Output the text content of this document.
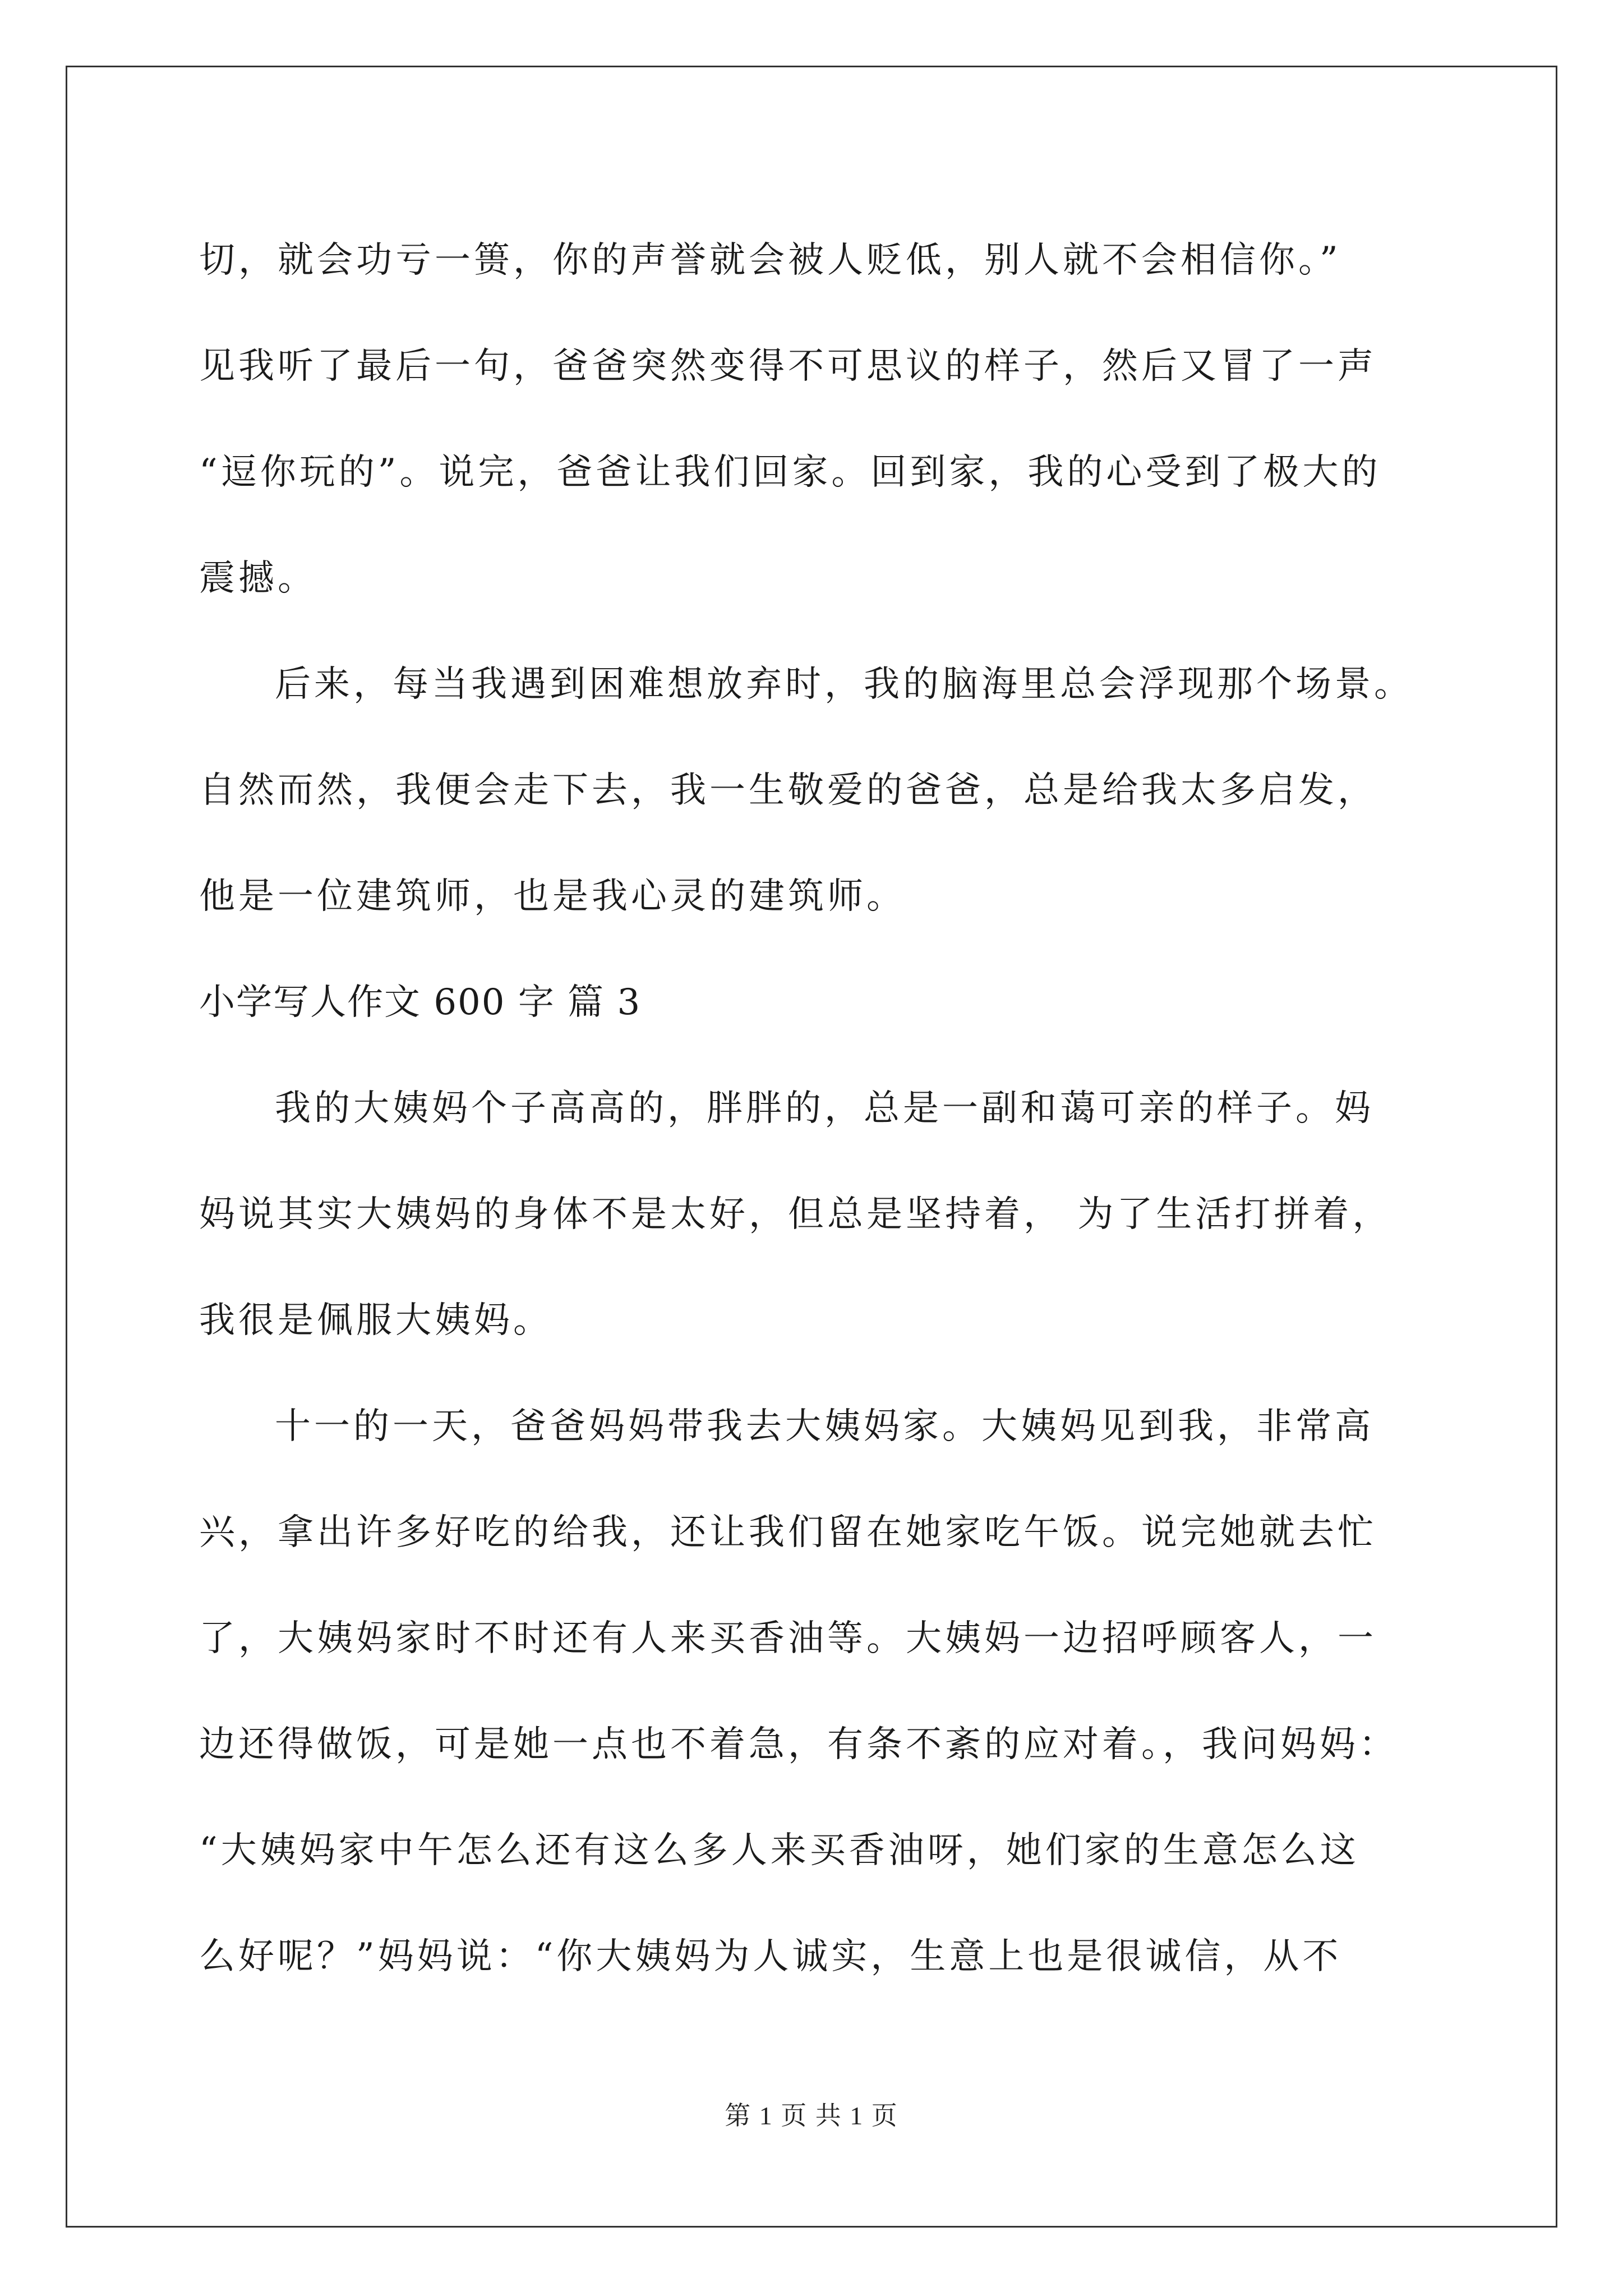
切，就会功亏一篑，你的声誉就会被人贬低，别人就不会相信你。”
见我听了最后一句，爸爸突然变得不可思议的样子，然后又冒了一声
“逗你玩的”。说完，爸爸让我们回家。回到家，我的心受到了极大的
震撼。
后来，每当我遇到困难想放弃时，我的脑海里总会浮现那个场景。
自然而然，我便会走下去，我一生敬爱的爸爸，总是给我太多启发，
他是一位建筑师，也是我心灵的建筑师。
小学写人作文 600 字 篇 3
我的大姨妈个子高高的，胖胖的，总是一副和蔼可亲的样子。妈
妈说其实大姨妈的身体不是太好，但总是坚持着， 为了生活打拼着，
我很是佩服大姨妈。
十一的一天，爸爸妈妈带我去大姨妈家。大姨妈见到我，非常高
兴，拿出许多好吃的给我，还让我们留在她家吃午饭。说完她就去忙
了，大姨妈家时不时还有人来买香油等。大姨妈一边招呼顾客人，一
边还得做饭，可是她一点也不着急，有条不紊的应对着。，我问妈妈：
“大姨妈家中午怎么还有这么多人来买香油呀，她们家的生意怎么这
么好呢？”妈妈说：“你大姨妈为人诚实，生意上也是很诚信，从不
第 1 页 共 1 页
